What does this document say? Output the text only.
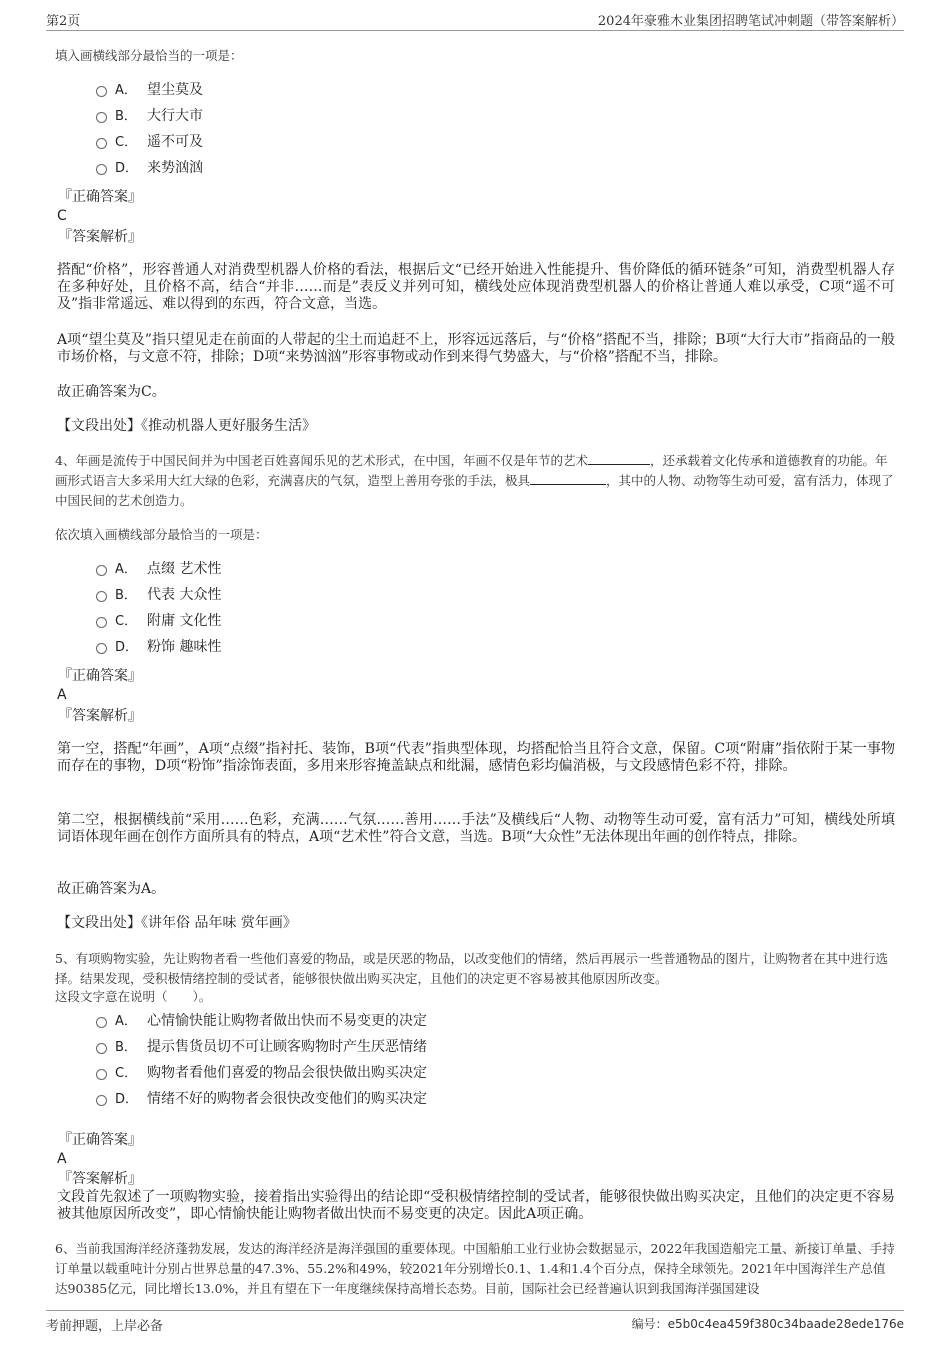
第2页	2024年豪雅木业集团招聘笔试冲刺题（带答案解析）
填入画横线部分最恰当的一项是：
A． 望尘莫及
B． 大行大市
C． 遥不可及
D． 来势汹汹
『正确答案』
C
『答案解析』
搭配“价格”，形容普通人对消费型机器人价格的看法，根据后文“已经开始进入性能提升、售价降低的循环链条”可知，消费型机器人存在多种好处，且价格不高，结合“并非……而是”表反义并列可知，横线处应体现消费型机器人的价格让普通人难以承受，C项“遥不可及”指非常遥远、难以得到的东西，符合文意，当选。
A项“望尘莫及”指只望见走在前面的人带起的尘土而追赶不上，形容远远落后，与“价格”搭配不当，排除；B项“大行大市”指商品的一般市场价格，与文意不符，排除；D项“来势汹汹”形容事物或动作到来得气势盛大，与“价格”搭配不当，排除。
故正确答案为C。
【文段出处】《推动机器人更好服务生活》
4、年画是流传于中国民间并为中国老百姓喜闻乐见的艺术形式，在中国，年画不仅是年节的艺术	，还承载着文化传承和道德教育的功能。年画形式语言大多采用大红大绿的色彩，充满喜庆的气氛，造型上善用夸张的手法，极具	，其中的人物、动物等生动可爱，富有活力，体现了中国民间的艺术创造力。
依次填入画横线部分最恰当的一项是：
A． 点缀 艺术性
B． 代表 大众性
C． 附庸 文化性
D． 粉饰 趣味性
『正确答案』
A
『答案解析』
第一空，搭配“年画”，A项“点缀”指衬托、装饰，B项“代表”指典型体现，均搭配恰当且符合文意，保留。C项“附庸”指依附于某一事物而存在的事物，D项“粉饰”指涂饰表面，多用来形容掩盖缺点和纰漏，感情色彩均偏消极，与文段感情色彩不符，排除。
第二空，根据横线前“采用……色彩，充满……气氛……善用……手法”及横线后“人物、动物等生动可爱，富有活力”可知，横线处所填词语体现年画在创作方面所具有的特点，A项“艺术性”符合文意，当选。B项“大众性”无法体现出年画的创作特点，排除。
故正确答案为A。
【文段出处】《讲年俗 品年味 赏年画》
5、有项购物实验，先让购物者看一些他们喜爱的物品，或是厌恶的物品，以改变他们的情绪，然后再展示一些普通物品的图片，让购物者在其中进行选择。结果发现，受积极情绪控制的受试者，能够很快做出购买决定，且他们的决定更不容易被其他原因所改变。
这段文字意在说明（　　）。
A． 心情愉快能让购物者做出快而不易变更的决定
B． 提示售货员切不可让顾客购物时产生厌恶情绪
C． 购物者看他们喜爱的物品会很快做出购买决定
D． 情绪不好的购物者会很快改变他们的购买决定
『正确答案』
A
『答案解析』
文段首先叙述了一项购物实验，接着指出实验得出的结论即“受积极情绪控制的受试者，能够很快做出购买决定，且他们的决定更不容易被其他原因所改变”，即心情愉快能让购物者做出快而不易变更的决定。因此A项正确。
6、当前我国海洋经济蓬勃发展，发达的海洋经济是海洋强国的重要体现。中国船舶工业行业协会数据显示，2022年我国造船完工量、新接订单量、手持订单量以载重吨计分别占世界总量的47.3%、55.2%和49%，较2021年分别增长0.1、1.4和1.4个百分点，保持全球领先。2021年中国海洋生产总值达90385亿元，同比增长13.0%，并且有望在下一年度继续保持高增长态势。目前，国际社会已经普遍认识到我国海洋强国建设
考前押题，上岸必备	编号：e5b0c4ea459f380c34baade28ede176e
